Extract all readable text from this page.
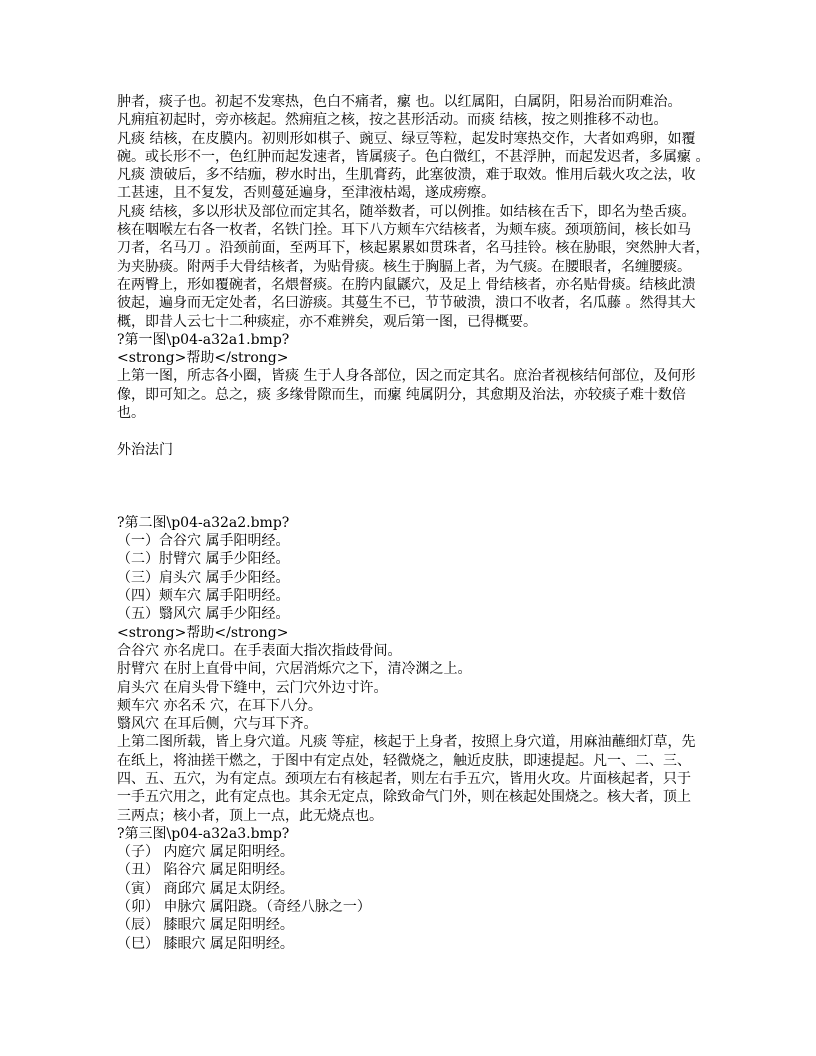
肿者，痰子也。初起不发寒热，色白不痛者，瘰 也。以红属阳，白属阴，阳易治而阴难治。
凡痈疽初起时，旁亦核起。然痈疽之核，按之甚形活动。而痰 结核，按之则推移不动也。
凡痰 结核，在皮膜内。初则形如棋子、豌豆、绿豆等粒，起发时寒热交作，大者如鸡卵，如覆
碗。或长形不一，色红肿而起发速者，皆属痰子。色白微红，不甚浮肿，而起发迟者，多属瘰 。
凡痰 溃破后，多不结痂，秽水时出，生肌膏药，此塞彼溃，难于取效。惟用后载火攻之法，收
工甚速，且不复发，否则蔓延遍身，至津液枯竭，遂成痨瘵。
凡痰 结核，多以形状及部位而定其名，随举数者，可以例推。如结核在舌下，即名为垫舌痰。
核在咽喉左右各一枚者，名铁门拴。耳下八方颊车穴结核者，为颊车痰。颈项筋间，核长如马
刀者，名马刀 。沿颈前面，至两耳下，核起累累如贯珠者，名马挂铃。核在胁眼，突然肿大者，
为夹胁痰。附两手大骨结核者，为贴骨痰。核生于胸膈上者，为气痰。在腰眼者，名缠腰痰。
在两臀上，形如覆碗者，名煨督痰。在胯内鼠鼷穴，及足上 骨结核者，亦名贴骨痰。结核此溃
彼起，遍身而无定处者，名曰游痰。其蔓生不已，节节破溃，溃口不收者，名瓜藤 。然得其大
概，即昔人云七十二种痰症，亦不难辨矣，观后第一图，已得概要。
?第一图\p04-a32a1.bmp?
<strong>帮助</strong>
上第一图，所志各小圈，皆痰 生于人身各部位，因之而定其名。庶治者视核结何部位，及何形
像，即可知之。总之，痰 多缘骨隙而生，而瘰 纯属阴分，其愈期及治法，亦较痰子难十数倍
也。
外治法门
?第二图\p04-a32a2.bmp?
（一）合谷穴 属手阳明经。
（二）肘臂穴 属手少阳经。
（三）肩头穴 属手少阳经。
（四）颊车穴 属手阳明经。
（五）翳风穴 属手少阳经。
<strong>帮助</strong>
合谷穴 亦名虎口。在手表面大指次指歧骨间。
肘臂穴 在肘上直骨中间，穴居消烁穴之下，清冷渊之上。
肩头穴 在肩头骨下缝中，云门穴外边寸许。
颊车穴 亦名禾 穴，在耳下八分。
翳风穴 在耳后侧，穴与耳下齐。
上第二图所载，皆上身穴道。凡痰 等症，核起于上身者，按照上身穴道，用麻油蘸细灯草，先
在纸上，将油搓干燃之，于图中有定点处，轻微烧之，触近皮肤，即速提起。凡一、二、三、
四、五、五穴，为有定点。颈项左右有核起者，则左右手五穴，皆用火攻。片面核起者，只于
一手五穴用之，此有定点也。其余无定点，除致命气门外，则在核起处围烧之。核大者，顶上
三两点；核小者，顶上一点，此无烧点也。
?第三图\p04-a32a3.bmp?
（子） 内庭穴 属足阳明经。
（丑） 陷谷穴 属足阳明经。
（寅） 商邱穴 属足太阴经。
（卯） 申脉穴 属阳跷。（奇经八脉之一）
（辰） 膝眼穴 属足阳明经。
（巳） 膝眼穴 属足阳明经。
